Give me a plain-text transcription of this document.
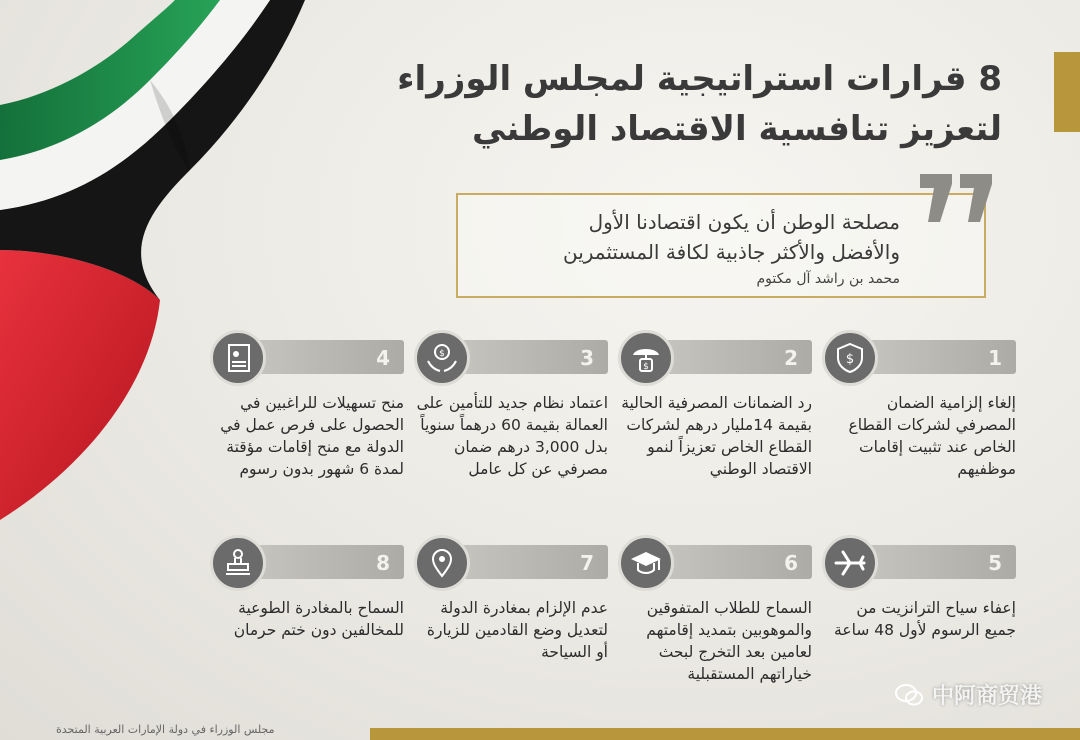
8 قرارات استراتيجية لمجلس الوزراء
لتعزيز تنافسية الاقتصاد الوطني
مصلحة الوطن أن يكون اقتصادنا الأول
والأفضل والأكثر جاذبية لكافة المستثمرين
محمد بن راشد آل مكتوم
1
$
إلغاء إلزامية الضمان المصرفي لشركات القطاع الخاص عند تثبيت إقامات موظفيهم
2
$
رد الضمانات المصرفية الحالية بقيمة 14مليار درهم لشركات القطاع الخاص تعزيزاً لنمو الاقتصاد الوطني
3
$
اعتماد نظام جديد للتأمين على العمالة بقيمة 60 درهماً سنوياً بدل 3,000 درهم ضمان مصرفي عن كل عامل
4
منح تسهيلات للراغبين في الحصول على فرص عمل في الدولة مع منح إقامات مؤقتة لمدة 6 شهور بدون رسوم
5
إعفاء سياح الترانزيت من جميع الرسوم لأول 48 ساعة
6
السماح للطلاب المتفوقين والموهوبين بتمديد إقامتهم لعامين بعد التخرج لبحث خياراتهم المستقبلية
7
عدم الإلزام بمغادرة الدولة لتعديل وضع القادمين للزيارة أو السياحة
8
السماح بالمغادرة الطوعية للمخالفين دون ختم حرمان
مجلس الوزراء في دولة الإمارات العربية المتحدة
中阿商贸港
